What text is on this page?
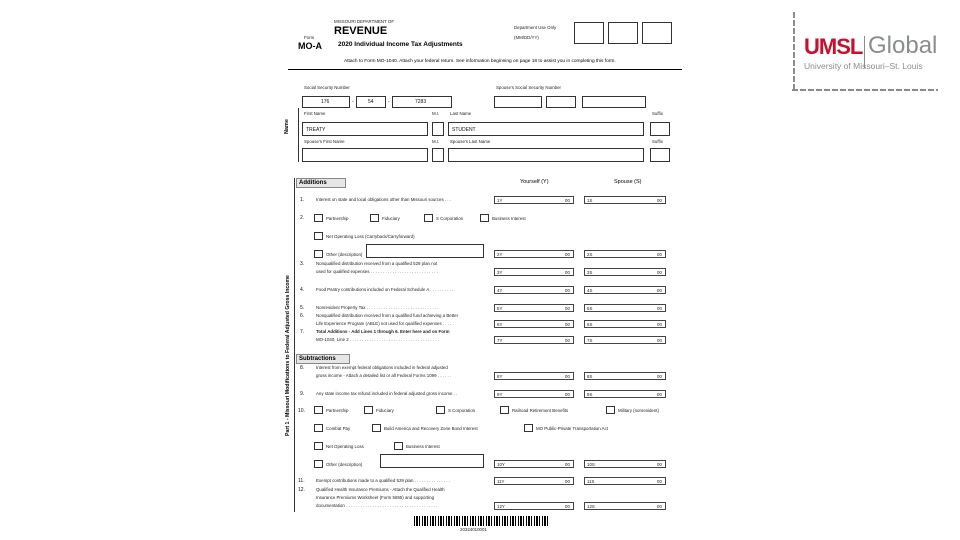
MISSOURI DEPARTMENT OF
REVENUE
Form
MO-A 2020 Individual Income Tax Adjustments
Department Use Only
(MM/DD/YY)
Attach to Form MO-1040. Attach your federal return. See information beginning on page 18 to assist you in completing this form.
Social Security Number
176	-	54	-	7283
Spouse's Social Security Number
Name
First Name	M.I. Last Name	Suffix
TREATY	STUDENT
Spouse's First Name	M.I. Spouse's Last Name	Suffix
Part 1 - Missouri Modifications to Federal Adjusted Gross Income
Additions	Yourself (Y)	Spouse (S)
1.	Interest on state and local obligations other than Missouri sources . . .	1Y	00	1S	00
2.	Partnership	Fiduciary	S Corporation	Business Interest
Net Operating Loss (Carryback/Carryforward)
Other (description)	2Y	00	2S	00
3.	Nonqualified distribution received from a qualified 529 plan not
used for qualified expenses . . . . . . . . . . . . . . . . . . . . . . . . . . . .	3Y	00	3S	00
4.	Food Pantry contributions included on Federal Schedule A . . . . . . . . . .	4Y	00	4S	00
5.	Nonresident Property Tax . . . . . . . . . . . . . . . . . . . . . . . . . . . . . .	5Y	00	5S	00
6.	Nonqualified distribution received from a qualified fund achieving a Better
Life Experience Program (ABLE) not used for qualified expenses . . . . .	6Y	00	6S	00
7.	Total Additions - Add Lines 1 through 6. Enter here and on Form
MO-1040, Line 2 . . . . . . . . . . . . . . . . . . . . . . . . . . . . . . . . . . . . .	7Y	00	7S	00
Subtractions
8.	Interest from exempt federal obligations included in federal adjusted
gross income - Attach a detailed list or all Federal Forms 1099 . . . . . .	8Y	00	8S	00
9.	Any state income tax refund included in federal adjusted gross income . .	9Y	00	9S	00
10.	Partnership	Fiduciary	S Corporation	Railroad Retirement Benefits	Military (nonresident)
Combat Pay	Build America and Recovery Zone Bond Interest	MO Public-Private Transportation Act
Net Operating Loss	Business Interest
Other (description)	10Y	00	10S	00
11.	Exempt contributions made to a qualified 529 plan . . . . . . . . . . . . . . .	11Y	00	11S	00
12.	Qualified Health Insurance Premiums - Attach the Qualified Health
Insurance Premiums Worksheet (Form 5695) and supporting
documentation . . . . . . . . . . . . . . . . . . . . . . . . . . . . . . . . . . . . . .	12Y	00	12S	00
20324010001
UMSL Global
University of Missouri–St. Louis
